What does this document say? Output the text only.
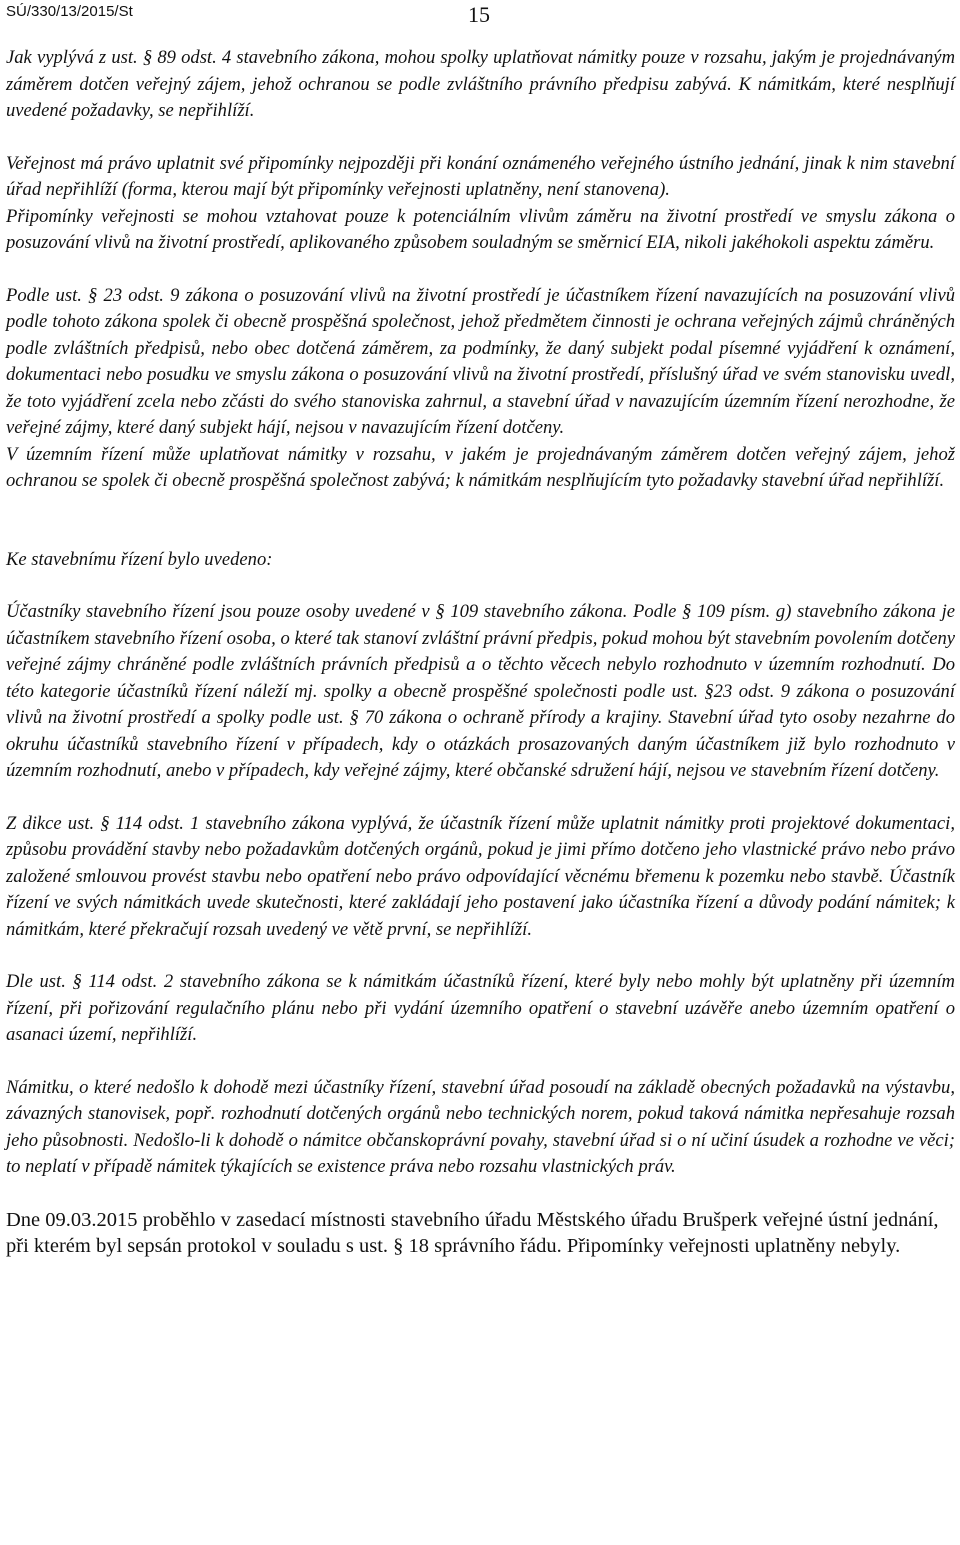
SÚ/330/13/2015/St	15

Jak vyplývá z ust. § 89 odst. 4 stavebního zákona, mohou spolky uplatňovat námitky pouze v rozsahu, jakým je projednávaným záměrem dotčen veřejný zájem, jehož ochranou se podle zvláštního právního předpisu zabývá. K námitkám, které nesplňují uvedené požadavky, se nepřihlíží.

Veřejnost má právo uplatnit své připomínky nejpozději při konání oznámeného veřejného ústního jednání, jinak k nim stavební úřad nepřihlíží (forma, kterou mají být připomínky veřejnosti uplatněny, není stanovena).

Připomínky veřejnosti se mohou vztahovat pouze k potenciálním vlivům záměru na životní prostředí ve smyslu zákona o posuzování vlivů na životní prostředí, aplikovaného způsobem souladným se směrnicí EIA, nikoli jakéhokoli aspektu záměru.

Podle ust. § 23 odst. 9 zákona o posuzování vlivů na životní prostředí je účastníkem řízení navazujících na posuzování vlivů podle tohoto zákona spolek či obecně prospěšná společnost, jehož předmětem činnosti je ochrana veřejných zájmů chráněných podle zvláštních předpisů, nebo obec dotčená záměrem, za podmínky, že daný subjekt podal písemné vyjádření k oznámení, dokumentaci nebo posudku ve smyslu zákona o posuzování vlivů na životní prostředí, příslušný úřad ve svém stanovisku uvedl, že toto vyjádření zcela nebo zčásti do svého stanoviska zahrnul, a stavební úřad v navazujícím územním řízení nerozhodne, že veřejné zájmy, které daný subjekt hájí, nejsou v navazujícím řízení dotčeny.

V územním řízení může uplatňovat námitky v rozsahu, v jakém je projednávaným záměrem dotčen veřejný zájem, jehož ochranou se spolek či obecně prospěšná společnost zabývá; k námitkám nesplňujícím tyto požadavky stavební úřad nepřihlíží.

Ke stavebnímu řízení bylo uvedeno:

Účastníky stavebního řízení jsou pouze osoby uvedené v § 109 stavebního zákona. Podle § 109 písm. g) stavebního zákona je účastníkem stavebního řízení osoba, o které tak stanoví zvláštní právní předpis, pokud mohou být stavebním povolením dotčeny veřejné zájmy chráněné podle zvláštních právních předpisů a o těchto věcech nebylo rozhodnuto v územním rozhodnutí. Do této kategorie účastníků řízení náleží mj. spolky a obecně prospěšné společnosti podle ust. §23 odst. 9 zákona o posuzování vlivů na životní prostředí a spolky podle ust. § 70 zákona o ochraně přírody a krajiny. Stavební úřad tyto osoby nezahrne do okruhu účastníků stavebního řízení v případech, kdy o otázkách prosazovaných daným účastníkem již bylo rozhodnuto v územním rozhodnutí, anebo v případech, kdy veřejné zájmy, které občanské sdružení hájí, nejsou ve stavebním řízení dotčeny.

Z dikce ust. § 114 odst. 1 stavebního zákona vyplývá, že účastník řízení může uplatnit námitky proti projektové dokumentaci, způsobu provádění stavby nebo požadavkům dotčených orgánů, pokud je jimi přímo dotčeno jeho vlastnické právo nebo právo založené smlouvou provést stavbu nebo opatření nebo právo odpovídající věcnému břemenu k pozemku nebo stavbě. Účastník řízení ve svých námitkách uvede skutečnosti, které zakládají jeho postavení jako účastníka řízení a důvody podání námitek; k námitkám, které překračují rozsah uvedený ve větě první, se nepřihlíží.

Dle ust. § 114 odst. 2 stavebního zákona se k námitkám účastníků řízení, které byly nebo mohly být uplatněny při územním řízení, při pořizování regulačního plánu nebo při vydání územního opatření o stavební uzávěře anebo územním opatření o asanaci území, nepřihlíží.

Námitku, o které nedošlo k dohodě mezi účastníky řízení, stavební úřad posoudí na základě obecných požadavků na výstavbu, závazných stanovisek, popř. rozhodnutí dotčených orgánů nebo technických norem, pokud taková námitka nepřesahuje rozsah jeho působnosti. Nedošlo-li k dohodě o námitce občanskoprávní povahy, stavební úřad si o ní učiní úsudek a rozhodne ve věci; to neplatí v případě námitek týkajících se existence práva nebo rozsahu vlastnických práv.

Dne 09.03.2015 proběhlo v zasedací místnosti stavebního úřadu Městského úřadu Brušperk veřejné ústní jednání, při kterém byl sepsán protokol v souladu s ust. § 18 správního řádu. Připomínky veřejnosti uplatněny nebyly.
